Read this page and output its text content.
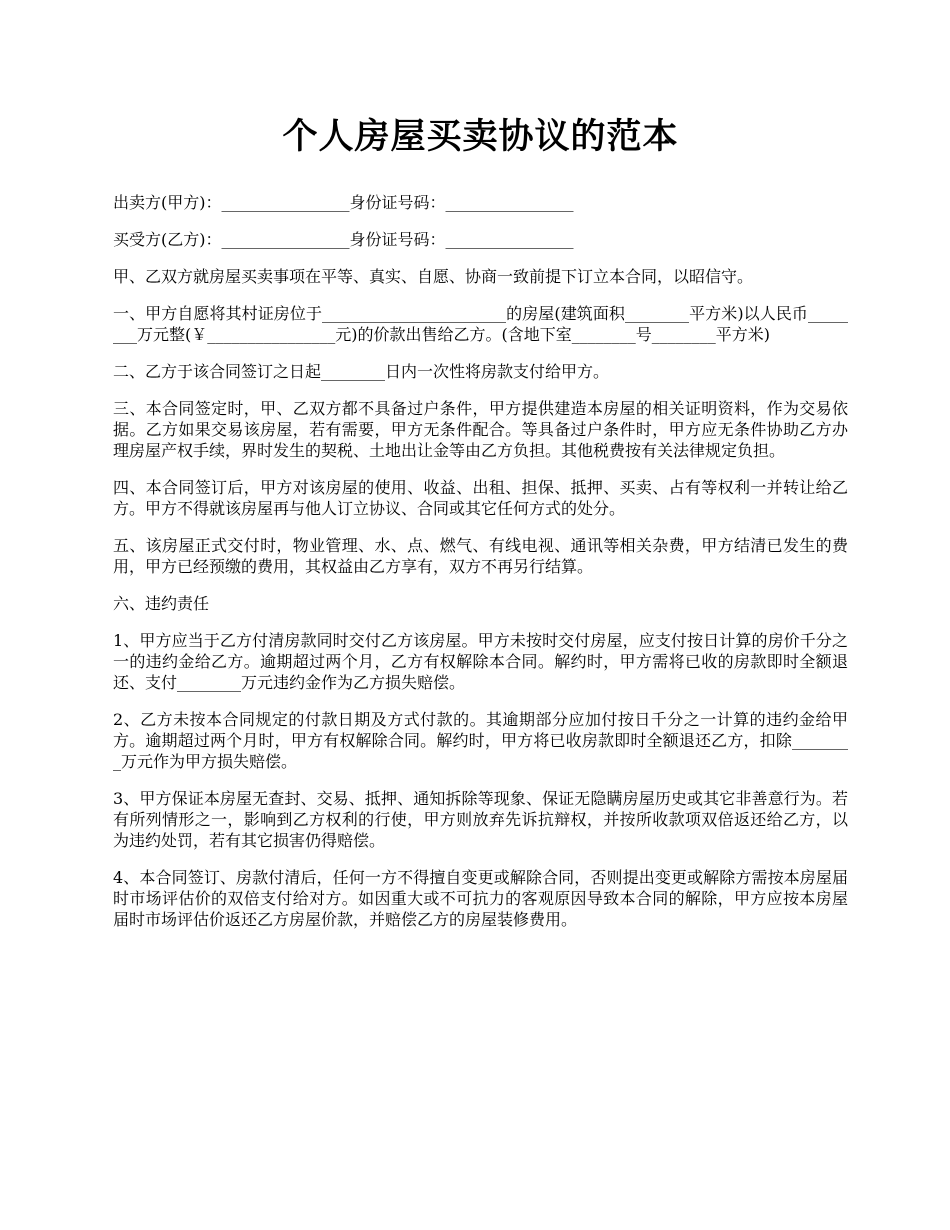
个人房屋买卖协议的范本

出卖方(甲方)：________________身份证号码：________________

买受方(乙方)：________________身份证号码：________________

甲、乙双方就房屋买卖事项在平等、真实、自愿、协商一致前提下订立本合同，以昭信守。

一、甲方自愿将其村证房位于_______________________的房屋(建筑面积________平方米)以人民币________万元整(￥________________元)的价款出售给乙方。(含地下室________号________平方米)

二、乙方于该合同签订之日起________日内一次性将房款支付给甲方。

三、本合同签定时，甲、乙双方都不具备过户条件，甲方提供建造本房屋的相关证明资料，作为交易依据。乙方如果交易该房屋，若有需要，甲方无条件配合。等具备过户条件时，甲方应无条件协助乙方办理房屋产权手续，界时发生的契税、土地出让金等由乙方负担。其他税费按有关法律规定负担。

四、本合同签订后，甲方对该房屋的使用、收益、出租、担保、抵押、买卖、占有等权利一并转让给乙方。甲方不得就该房屋再与他人订立协议、合同或其它任何方式的处分。

五、该房屋正式交付时，物业管理、水、点、燃气、有线电视、通讯等相关杂费，甲方结清已发生的费用，甲方已经预缴的费用，其权益由乙方享有，双方不再另行结算。

六、违约责任

1、甲方应当于乙方付清房款同时交付乙方该房屋。甲方未按时交付房屋，应支付按日计算的房价千分之一的违约金给乙方。逾期超过两个月，乙方有权解除本合同。解约时，甲方需将已收的房款即时全额退还、支付________万元违约金作为乙方损失赔偿。

2、乙方未按本合同规定的付款日期及方式付款的。其逾期部分应加付按日千分之一计算的违约金给甲方。逾期超过两个月时，甲方有权解除合同。解约时，甲方将已收房款即时全额退还乙方，扣除________万元作为甲方损失赔偿。

3、甲方保证本房屋无查封、交易、抵押、通知拆除等现象、保证无隐瞒房屋历史或其它非善意行为。若有所列情形之一，影响到乙方权利的行使，甲方则放弃先诉抗辩权，并按所收款项双倍返还给乙方，以为违约处罚，若有其它损害仍得赔偿。

4、本合同签订、房款付清后，任何一方不得擅自变更或解除合同，否则提出变更或解除方需按本房屋届时市场评估价的双倍支付给对方。如因重大或不可抗力的客观原因导致本合同的解除，甲方应按本房屋届时市场评估价返还乙方房屋价款，并赔偿乙方的房屋装修费用。
